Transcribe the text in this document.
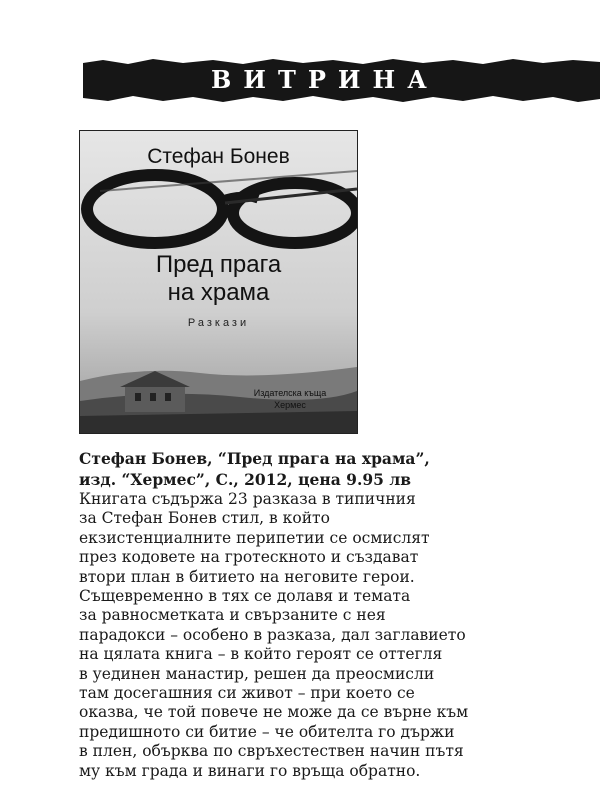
ВИТРИНА
Стефан Бонев
Пред прага
на храма
Разкази
Издателска къща
Хермес

Стефан Бонев, “Пред прага на храма”,
изд. “Хермес”, С., 2012, цена 9.95 лв

Книгата съдържа 23 разказа в типичния
за Стефан Бонев стил, в който
екзистенциалните перипетии се осмислят
през кодовете на гротескното и създават
втори план в битието на неговите герои.
Същевременно в тях се долавя и темата
за равносметката и свързаните с нея
парадокси – особено в разказа, дал заглавието
на цялата книга – в който героят се оттегля
в уединен манастир, решен да преосмисли
там досегашния си живот – при което се
оказва, че той повече не може да се върне към
предишното си битие – че обителта го държи
в плен, обърква по свръхестествен начин пътя
му към града и винаги го връща обратно.
